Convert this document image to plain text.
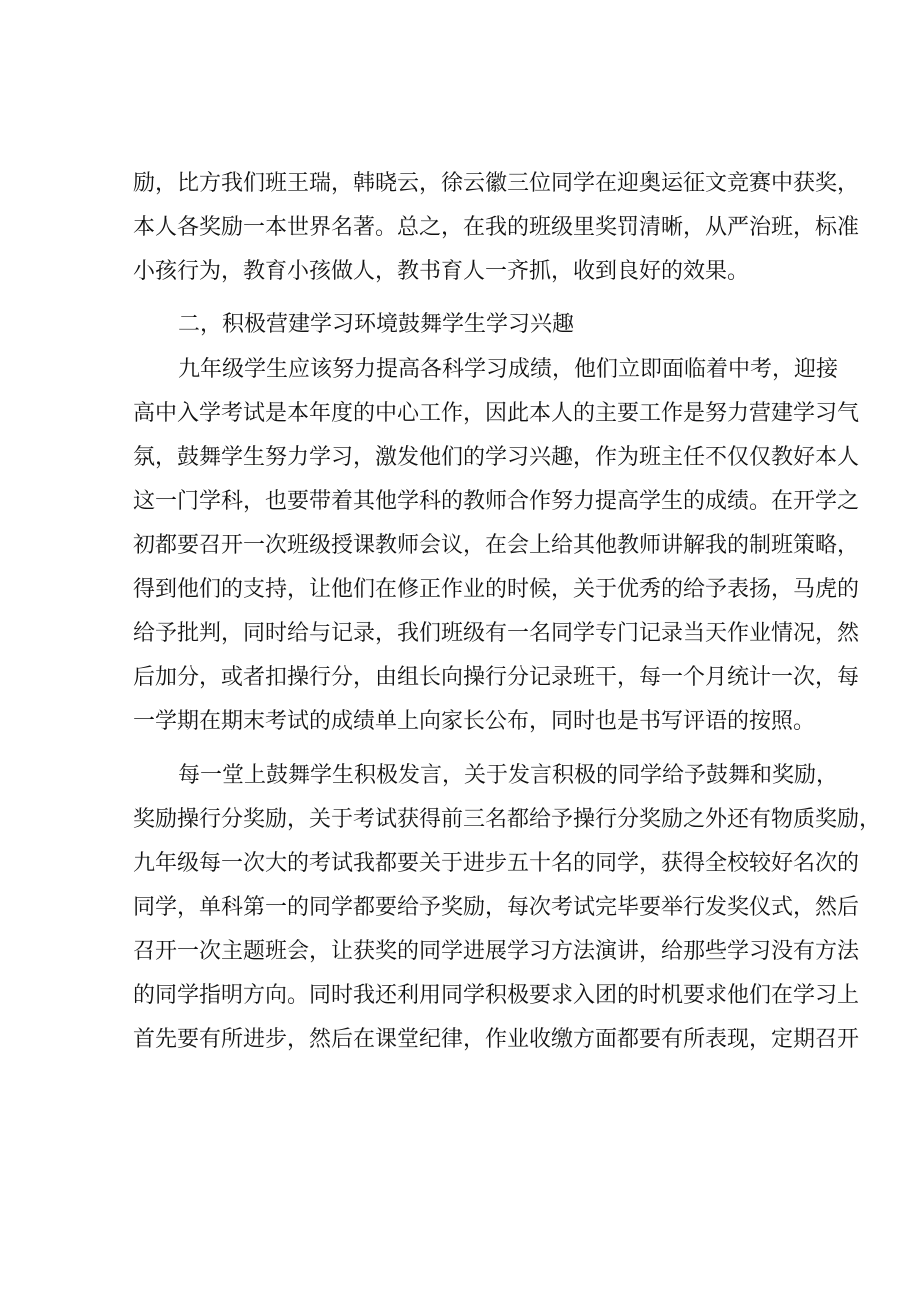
励，比方我们班王瑞，韩晓云，徐云徽三位同学在迎奥运征文竞赛中获奖，
本人各奖励一本世界名著。总之，在我的班级里奖罚清晰，从严治班，标准
小孩行为，教育小孩做人，教书育人一齐抓，收到良好的效果。
二，积极营建学习环境鼓舞学生学习兴趣
九年级学生应该努力提高各科学习成绩，他们立即面临着中考，迎接
高中入学考试是本年度的中心工作，因此本人的主要工作是努力营建学习气
氛，鼓舞学生努力学习，激发他们的学习兴趣，作为班主任不仅仅教好本人
这一门学科，也要带着其他学科的教师合作努力提高学生的成绩。在开学之
初都要召开一次班级授课教师会议，在会上给其他教师讲解我的制班策略，
得到他们的支持，让他们在修正作业的时候，关于优秀的给予表扬，马虎的
给予批判，同时给与记录，我们班级有一名同学专门记录当天作业情况，然
后加分，或者扣操行分，由组长向操行分记录班干，每一个月统计一次，每
一学期在期末考试的成绩单上向家长公布，同时也是书写评语的按照。
每一堂上鼓舞学生积极发言，关于发言积极的同学给予鼓舞和奖励，
奖励操行分奖励，关于考试获得前三名都给予操行分奖励之外还有物质奖励，
九年级每一次大的考试我都要关于进步五十名的同学，获得全校较好名次的
同学，单科第一的同学都要给予奖励，每次考试完毕要举行发奖仪式，然后
召开一次主题班会，让获奖的同学进展学习方法演讲，给那些学习没有方法
的同学指明方向。同时我还利用同学积极要求入团的时机要求他们在学习上
首先要有所进步，然后在课堂纪律，作业收缴方面都要有所表现，定期召开
